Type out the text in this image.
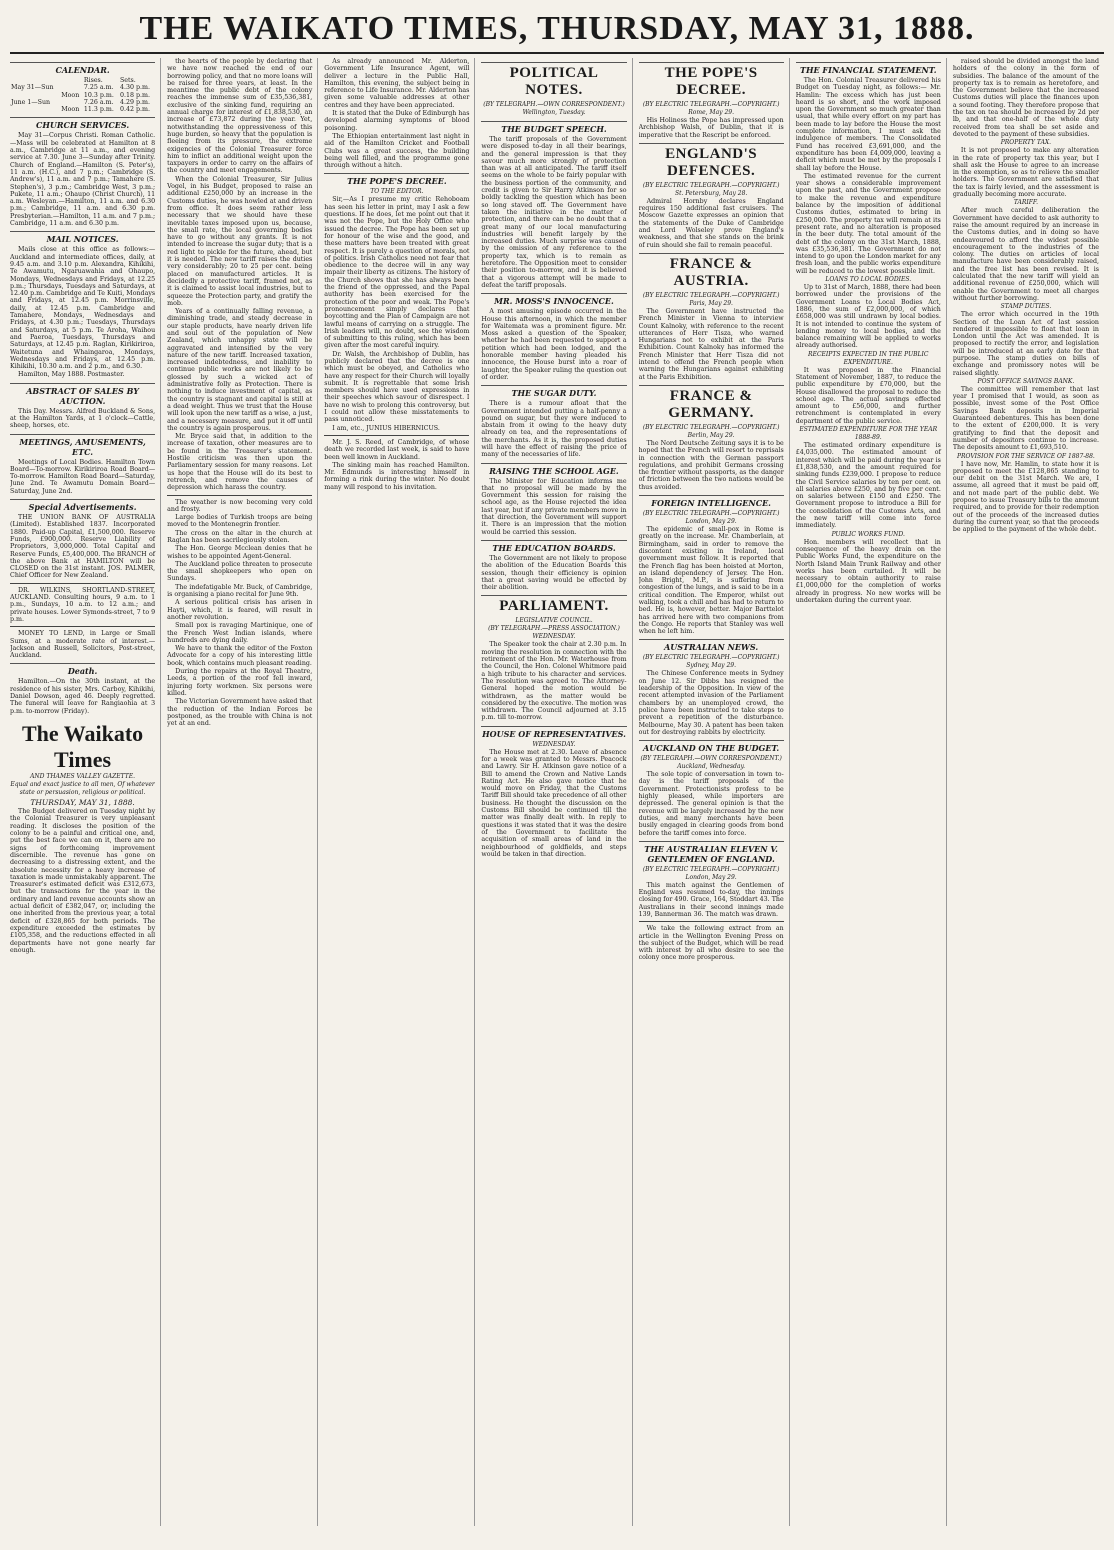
THE WAIKATO TIMES, THURSDAY, MAY 31, 1888.
CALENDAR.
		Rises.	Sets.
May 31—Sun		7.25 a.m.	4.30 p.m.
	Moon	10.3 p.m.	0.18 p.m.
June 1—Sun		7.26 a.m.	4.29 p.m.
	Moon	11.3 p.m.	0.42 p.m.
CHURCH SERVICES.

May 31—Corpus Christi. Roman Catholic.—Mass will be celebrated at Hamilton at 8 a.m., Cambridge at 11 a.m., and evening service at 7.30. June 3—Sunday after Trinity. Church of England.—Hamilton (S. Peter's), 11 a.m. (H.C.), and 7 p.m.; Cambridge (S. Andrew's), 11 a.m. and 7 p.m.; Tamahere (S. Stephen's), 3 p.m.; Cambridge West, 3 p.m.; Pukete, 11 a.m.; Ohaupo (Christ Church), 11 a.m. Wesleyan.—Hamilton, 11 a.m. and 6.30 p.m.; Cambridge, 11 a.m. and 6.30 p.m. Presbyterian.—Hamilton, 11 a.m. and 7 p.m.; Cambridge, 11 a.m. and 6.30 p.m.

MAIL NOTICES.

Mails close at this office as follows:— Auckland and intermediate offices, daily, at 9.45 a.m. and 3.10 p.m. Alexandra, Kihikihi, Te Awamutu, Ngaruawahia and Ohaupo, Mondays, Wednesdays and Fridays, at 12.25 p.m.; Thursdays, Tuesdays and Saturdays, at 12.40 p.m. Cambridge and Te Kuiti, Mondays and Fridays, at 12.45 p.m. Morrinsville, daily, at 12.45 p.m. Cambridge and Tamahere, Mondays, Wednesdays and Fridays, at 4.30 p.m.; Tuesdays, Thursdays and Saturdays, at 5 p.m. Te Aroha, Waihou and Paeroa, Tuesdays, Thursdays and Saturdays, at 12.45 p.m. Raglan, Kirikiriroa, Waitetuna and Whaingaroa, Mondays, Wednesdays and Fridays, at 12.45 p.m. Kihikihi, 10.30 a.m. and 2 p.m., and 6.30.

Hamilton, May 1888. Postmaster.

ABSTRACT OF SALES BY AUCTION.

This Day. Messrs. Alfred Buckland & Sons, at the Hamilton Yards, at 1 o'clock—Cattle, sheep, horses, etc.

MEETINGS, AMUSEMENTS, ETC.

Meetings of Local Bodies. Hamilton Town Board—To-morrow. Kirikiriroa Road Board—To-morrow. Hamilton Road Board—Saturday, June 2nd. Te Awamutu Domain Board—Saturday, June 2nd.

Special Advertisements.

THE UNION BANK OF AUSTRALIA (Limited). Established 1837. Incorporated 1880. Paid-up Capital, £1,500,000. Reserve Funds, £900,000. Reserve Liability of Proprietors, 3,000,000. Total Capital and Reserve Funds, £5,400,000. The BRANCH of the above Bank at HAMILTON will be CLOSED on the 31st instant. JOS. PALMER, Chief Officer for New Zealand.

DR. WILKINS, SHORTLAND-STREET, AUCKLAND. Consulting hours, 9 a.m. to 1 p.m., Sundays, 10 a.m. to 12 a.m.; and private houses. Lower Symonds-street, 7 to 9 p.m.

MONEY TO LEND, in Large or Small Sums, at a moderate rate of interest.—Jackson and Russell, Solicitors, Post-street, Auckland.

Death.

Hamilton.—On the 30th instant, at the residence of his sister, Mrs. Carboy, Kihikihi, Daniel Dowson, aged 46. Deeply regretted. The funeral will leave for Rangiaohia at 3 p.m. to-morrow (Friday).

The Waikato Times
AND THAMES VALLEY GAZETTE.
Equal and exact justice to all men, Of whatever state or persuasion, religious or political.
THURSDAY, MAY 31, 1888.

The Budget delivered on Tuesday night by the Colonial Treasurer is very unpleasant reading. It discloses the position of the colony to be a painful and critical one, and, put the best face we can on it, there are no signs of forthcoming improvement discernible. The revenue has gone on decreasing to a distressing extent, and the absolute necessity for a heavy increase of taxation is made unmistakably apparent. The Treasurer's estimated deficit was £312,673, but the transactions for the year in the ordinary and land revenue accounts show an actual deficit of £382,047, or, including the one inherited from the previous year, a total deficit of £328,865 for both periods. The expenditure exceeded the estimates by £105,358, and the reductions effected in all departments have not gone nearly far enough.

the hearts of the people by declaring that we have now reached the end of our borrowing policy, and that no more loans will be raised for three years, at least. In the meantime the public debt of the colony reaches the immense sum of £35,536,381, exclusive of the sinking fund, requiring an annual charge for interest of £1,838,530, an increase of £73,872 during the year. Yet, notwithstanding the oppressiveness of this huge burden, so heavy that the population is fleeing from its pressure, the extreme exigencies of the Colonial Treasurer force him to inflict an additional weight upon the taxpayers in order to carry on the affairs of the country and meet engagements.

When the Colonial Treasurer, Sir Julius Vogel, in his Budget, proposed to raise an additional £250,000 by an increase in the Customs duties, he was howled at and driven from office. It does seem rather less necessary that we should have these inevitable taxes imposed upon us, because, the small rate, the local governing bodies have to go without any grants. It is not intended to increase the sugar duty; that is a red light to pickle for the future, ahead, but it is needed. The new tariff raises the duties very considerably; 20 to 25 per cent. being placed on manufactured articles. It is decidedly a protective tariff, framed not, as it is claimed to assist local industries, but to squeeze the Protection party, and gratify the mob.

Years of a continually falling revenue, a diminishing trade, and steady decrease in our staple products, have nearly driven life and soul out of the population of New Zealand, which unhappy state will be aggravated and intensified by the very nature of the new tariff. Increased taxation, increased indebtedness, and inability to continue public works are not likely to be glossed by such a wicked act of administrative folly as Protection. There is nothing to induce investment of capital, as the country is stagnant and capital is still at a dead weight. Thus we trust that the House will look upon the new tariff as a wise, a just, and a necessary measure, and put it off until the country is again prosperous.

Mr. Bryce said that, in addition to the increase of taxation, other measures are to be found in the Treasurer's statement. Hostile criticism was then upon the Parliamentary session for many reasons. Let us hope that the House will do its best to retrench, and remove the causes of depression which harass the country.

The weather is now becoming very cold and frosty.

Large bodies of Turkish troops are being moved to the Montenegrin frontier.

The cross on the altar in the church at Raglan has been sacrilegiously stolen.

The Hon. George Mcclean denies that he wishes to be appointed Agent-General.

The Auckland police threaten to prosecute the small shopkeepers who open on Sundays.

The indefatigable Mr. Buck, of Cambridge, is organising a piano recital for June 9th.

A serious political crisis has arisen in Hayti, which, it is feared, will result in another revolution.

Small pox is ravaging Martinique, one of the French West Indian islands, where hundreds are dying daily.

We have to thank the editor of the Foxton Advocate for a copy of his interesting little book, which contains much pleasant reading.

During the repairs at the Royal Theatre, Leeds, a portion of the roof fell inward, injuring forty workmen. Six persons were killed.

The Victorian Government have asked that the reduction of the Indian Forces be postponed, as the trouble with China is not yet at an end.

As already announced Mr. Alderton, Government Life Insurance Agent, will deliver a lecture in the Public Hall, Hamilton, this evening, the subject being in reference to Life Insurance. Mr. Alderton has given some valuable addresses at other centres and they have been appreciated.

It is stated that the Duke of Edinburgh has developed alarming symptoms of blood poisoning.

The Ethiopian entertainment last night in aid of the Hamilton Cricket and Football Clubs was a great success, the building being well filled, and the programme gone through without a hitch.

THE POPE'S DECREE.
TO THE EDITOR.

Sir,—As I presume my critic Rehoboam has seen his letter in print, may I ask a few questions. If he does, let me point out that it was not the Pope, but the Holy Office who issued the decree. The Pope has been set up for honour of the wise and the good, and these matters have been treated with great respect. It is purely a question of morals, not of politics. Irish Catholics need not fear that obedience to the decree will in any way impair their liberty as citizens. The history of the Church shows that she has always been the friend of the oppressed, and the Papal authority has been exercised for the protection of the poor and weak. The Pope's pronouncement simply declares that boycotting and the Plan of Campaign are not lawful means of carrying on a struggle. The Irish leaders will, no doubt, see the wisdom of submitting to this ruling, which has been given after the most careful inquiry.

Dr. Walsh, the Archbishop of Dublin, has publicly declared that the decree is one which must be obeyed, and Catholics who have any respect for their Church will loyally submit. It is regrettable that some Irish members should have used expressions in their speeches which savour of disrespect. I have no wish to prolong this controversy, but I could not allow these misstatements to pass unnoticed.

I am, etc., JUNIUS HIBERNICUS.

Mr. J. S. Reed, of Cambridge, of whose death we recorded last week, is said to have been well known in Auckland.

The sinking main has reached Hamilton. Mr. Edmunds is interesting himself in forming a rink during the winter. No doubt many will respond to his invitation.

POLITICAL NOTES.
(BY TELEGRAPH.—OWN CORRESPONDENT.) Wellington, Tuesday.
THE BUDGET SPEECH.

The tariff proposals of the Government were disposed to-day in all their bearings, and the general impression is that they savour much more strongly of protection than was at all anticipated. The tariff itself seems on the whole to be fairly popular with the business portion of the community, and credit is given to Sir Harry Atkinson for so boldly tackling the question which has been so long staved off. The Government have taken the initiative in the matter of protection, and there can be no doubt that a great many of our local manufacturing industries will benefit largely by the increased duties. Much surprise was caused by the omission of any reference to the property tax, which is to remain as heretofore. The Opposition meet to consider their position to-morrow, and it is believed that a vigorous attempt will be made to defeat the tariff proposals.

MR. MOSS'S INNOCENCE.

A most amusing episode occurred in the House this afternoon, in which the member for Waitemata was a prominent figure. Mr. Moss asked a question of the Speaker, whether he had been requested to support a petition which had been lodged, and the honorable member having pleaded his innocence, the House burst into a roar of laughter, the Speaker ruling the question out of order.

THE SUGAR DUTY.

There is a rumour afloat that the Government intended putting a half-penny a pound on sugar, but they were induced to abstain from it owing to the heavy duty already on tea, and the representations of the merchants. As it is, the proposed duties will have the effect of raising the price of many of the necessaries of life.

RAISING THE SCHOOL AGE.

The Minister for Education informs me that no proposal will be made by the Government this session for raising the school age, as the House rejected the idea last year, but if any private members move in that direction, the Government will support it. There is an impression that the motion would be carried this session.

THE EDUCATION BOARDS.

The Government are not likely to propose the abolition of the Education Boards this session, though their efficiency is opinion that a great saving would be effected by their abolition.

PARLIAMENT.
LEGISLATIVE COUNCIL.
(BY TELEGRAPH.—PRESS ASSOCIATION.)
WEDNESDAY.

The Speaker took the chair at 2.30 p.m. In moving the resolution in connection with the retirement of the Hon. Mr. Waterhouse from the Council, the Hon. Colonel Whitmore paid a high tribute to his character and services. The resolution was agreed to. The Attorney-General hoped the motion would be withdrawn, as the matter would be considered by the executive. The motion was withdrawn. The Council adjourned at 3.15 p.m. till to-morrow.

HOUSE OF REPRESENTATIVES.
WEDNESDAY.

The House met at 2.30. Leave of absence for a week was granted to Messrs. Peacock and Lawry. Sir H. Atkinson gave notice of a Bill to amend the Crown and Native Lands Rating Act. He also gave notice that he would move on Friday, that the Customs Tariff Bill should take precedence of all other business. He thought the discussion on the Customs Bill should be continued till the matter was finally dealt with. In reply to questions it was stated that it was the desire of the Government to facilitate the acquisition of small areas of land in the neighbourhood of goldfields, and steps would be taken in that direction.

THE POPE'S DECREE.
(BY ELECTRIC TELEGRAPH.—COPYRIGHT.) Rome, May 29.

His Holiness the Pope has impressed upon Archbishop Walsh, of Dublin, that it is imperative that the Rescript be enforced.

ENGLAND'S DEFENCES.
(BY ELECTRIC TELEGRAPH.—COPYRIGHT.) St. Petersburg, May 28.

Admiral Hornby declares England requires 150 additional fast cruisers. The Moscow Gazette expresses an opinion that the statements of the Duke of Cambridge and Lord Wolseley prove England's weakness, and that she stands on the brink of ruin should she fail to remain peaceful.

FRANCE & AUSTRIA.
(BY ELECTRIC TELEGRAPH.—COPYRIGHT.) Paris, May 29.

The Government have instructed the French Minister in Vienna to interview Count Kalnoky, with reference to the recent utterances of Herr Tisza, who warned Hungarians not to exhibit at the Paris Exhibition. Count Kalnoky has informed the French Minister that Herr Tisza did not intend to offend the French people when warning the Hungarians against exhibiting at the Paris Exhibition.

FRANCE & GERMANY.
(BY ELECTRIC TELEGRAPH.—COPYRIGHT.) Berlin, May 29.

The Nord Deutsche Zeitung says it is to be hoped that the French will resort to reprisals in connection with the German passport regulations, and prohibit Germans crossing the frontier without passports, as the danger of friction between the two nations would be thus avoided.

FOREIGN INTELLIGENCE.
(BY ELECTRIC TELEGRAPH.—COPYRIGHT.) London, May 29.

The epidemic of small-pox in Rome is greatly on the increase. Mr. Chamberlain, at Birmingham, said in order to remove the discontent existing in Ireland, local government must follow. It is reported that the French flag has been hoisted at Morton, an island dependency of Jersey. The Hon. John Bright, M.P., is suffering from congestion of the lungs, and is said to be in a critical condition. The Emperor, whilst out walking, took a chill and has had to return to bed. He is, however, better. Major Barttelot has arrived here with two companions from the Congo. He reports that Stanley was well when he left him.

AUSTRALIAN NEWS.
(BY ELECTRIC TELEGRAPH.—COPYRIGHT.) Sydney, May 29.

The Chinese Conference meets in Sydney on June 12. Sir Dibbs has resigned the leadership of the Opposition. In view of the recent attempted invasion of the Parliament chambers by an unemployed crowd, the police have been instructed to take steps to prevent a repetition of the disturbance. Melbourne, May 30. A patent has been taken out for destroying rabbits by electricity.

AUCKLAND ON THE BUDGET.
(BY TELEGRAPH.—OWN CORRESPONDENT.) Auckland, Wednesday.

The sole topic of conversation in town to-day is the tariff proposals of the Government. Protectionists profess to be highly pleased, while importers are depressed. The general opinion is that the revenue will be largely increased by the new duties, and many merchants have been busily engaged in clearing goods from bond before the tariff comes into force.

THE AUSTRALIAN ELEVEN V. GENTLEMEN OF ENGLAND.
(BY ELECTRIC TELEGRAPH.—COPYRIGHT.) London, May 29.

This match against the Gentlemen of England was resumed to-day, the innings closing for 490. Grace, 164, Stoddart 43. The Australians in their second innings made 139, Bannerman 36. The match was drawn.

We take the following extract from an article in the Wellington Evening Press on the subject of the Budget, which will be read with interest by all who desire to see the colony once more prosperous.

THE FINANCIAL STATEMENT.

The Hon. Colonial Treasurer delivered his Budget on Tuesday night, as follows:— Mr. Hamlin: The excess which has just been heard is so short, and the work imposed upon the Government so much greater than usual, that while every effort on my part has been made to lay before the House the most complete information, I must ask the indulgence of members. The Consolidated Fund has received £3,691,000, and the expenditure has been £4,009,000, leaving a deficit which must be met by the proposals I shall lay before the House.

The estimated revenue for the current year shows a considerable improvement upon the past, and the Government propose to make the revenue and expenditure balance by the imposition of additional Customs duties, estimated to bring in £250,000. The property tax will remain at its present rate, and no alteration is proposed in the beer duty. The total amount of the debt of the colony on the 31st March, 1888, was £35,536,381. The Government do not intend to go upon the London market for any fresh loan, and the public works expenditure will be reduced to the lowest possible limit.

LOANS TO LOCAL BODIES.

Up to 31st of March, 1888, there had been borrowed under the provisions of the Government Loans to Local Bodies Act, 1886, the sum of £2,000,000, of which £658,000 was still undrawn by local bodies. It is not intended to continue the system of lending money to local bodies, and the balance remaining will be applied to works already authorised.

RECEIPTS EXPECTED IN THE PUBLIC EXPENDITURE.

It was proposed in the Financial Statement of November, 1887, to reduce the public expenditure by £70,000, but the House disallowed the proposal to reduce the school age. The actual savings effected amount to £56,000, and further retrenchment is contemplated in every department of the public service.

ESTIMATED EXPENDITURE FOR THE YEAR 1888-89.

The estimated ordinary expenditure is £4,035,000. The estimated amount of interest which will be paid during the year is £1,838,530, and the amount required for sinking funds £239,000. I propose to reduce the Civil Service salaries by ten per cent. on all salaries above £250, and by five per cent. on salaries between £150 and £250. The Government propose to introduce a Bill for the consolidation of the Customs Acts, and the new tariff will come into force immediately.

PUBLIC WORKS FUND.

Hon. members will recollect that in consequence of the heavy drain on the Public Works Fund, the expenditure on the North Island Main Trunk Railway and other works has been curtailed. It will be necessary to obtain authority to raise £1,000,000 for the completion of works already in progress. No new works will be undertaken during the current year.

raised should be divided amongst the land holders of the colony in the form of subsidies. The balance of the amount of the property tax is to remain as heretofore, and the Government believe that the increased Customs duties will place the finances upon a sound footing. They therefore propose that the tax on tea should be increased by 2d per lb, and that one-half of the whole duty received from tea shall be set aside and devoted to the payment of these subsidies.

PROPERTY TAX.

It is not proposed to make any alteration in the rate of property tax this year, but I shall ask the House to agree to an increase in the exemption, so as to relieve the smaller holders. The Government are satisfied that the tax is fairly levied, and the assessment is gradually becoming more accurate.

TARIFF.

After much careful deliberation the Government have decided to ask authority to raise the amount required by an increase in the Customs duties, and in doing so have endeavoured to afford the widest possible encouragement to the industries of the colony. The duties on articles of local manufacture have been considerably raised, and the free list has been revised. It is calculated that the new tariff will yield an additional revenue of £250,000, which will enable the Government to meet all charges without further borrowing.

STAMP DUTIES.

The error which occurred in the 19th Section of the Loan Act of last session rendered it impossible to float that loan in London until the Act was amended. It is proposed to rectify the error, and legislation will be introduced at an early date for that purpose. The stamp duties on bills of exchange and promissory notes will be raised slightly.

POST OFFICE SAVINGS BANK.

The committee will remember that last year I promised that I would, as soon as possible, invest some of the Post Office Savings Bank deposits in Imperial Guaranteed debentures. This has been done to the extent of £200,000. It is very gratifying to find that the deposit and number of depositors continue to increase. The deposits amount to £1,693,510.

PROVISION FOR THE SERVICE OF 1887-88.

I have now, Mr. Hamlin, to state how it is proposed to meet the £128,865 standing to our debit on the 31st March. We are, I assume, all agreed that it must be paid off, and not made part of the public debt. We propose to issue Treasury bills to the amount required, and to provide for their redemption out of the proceeds of the increased duties during the current year, so that the proceeds be applied to the payment of the whole debt.
